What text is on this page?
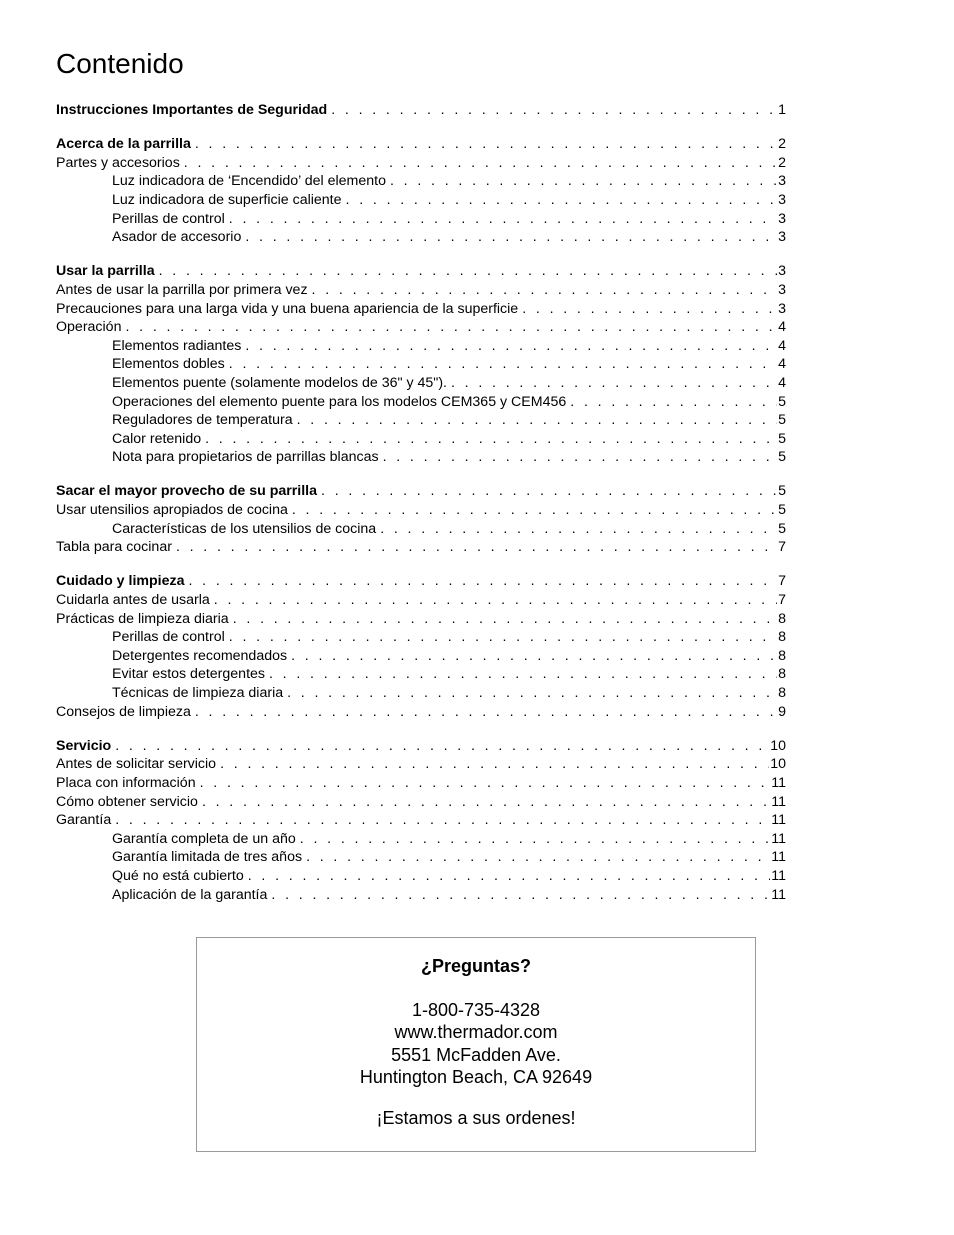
Contenido
Instrucciones Importantes de Seguridad . . .	1
Acerca de la parrilla . . .	2
Partes y accesorios . . .	2
Luz indicadora de ‘Encendido’ del elemento . . .	3
Luz indicadora de superficie caliente . . .	3
Perillas de control . . .	3
Asador de accesorio . . .	3
Usar la parrilla . . .	3
Antes de usar la parrilla por primera vez . . .	3
Precauciones para una larga vida y una buena apariencia de la superficie . . .	3
Operación . . .	4
Elementos radiantes . . .	4
Elementos dobles . . .	4
Elementos puente (solamente modelos de 36" y 45"). . . .	4
Operaciones del elemento puente para los modelos CEM365 y CEM456 . . .	5
Reguladores de temperatura . . .	5
Calor retenido . . .	5
Nota para propietarios de parrillas blancas . . .	5
Sacar el mayor provecho de su parrilla . . .	5
Usar utensilios apropiados de cocina . . .	5
Características de los utensilios de cocina . . .	5
Tabla para cocinar . . .	7
Cuidado y limpieza . . .	7
Cuidarla antes de usarla . . .	7
Prácticas de limpieza diaria . . .	8
Perillas de control . . .	8
Detergentes recomendados . . .	8
Evitar estos detergentes . . .	8
Técnicas de limpieza diaria . . .	8
Consejos de limpieza . . .	9
Servicio . . .	10
Antes de solicitar servicio . . .	10
Placa con información . . .	11
Cómo obtener servicio . . .	11
Garantía . . .	11
Garantía completa de un año . . .	11
Garantía limitada de tres años . . .	11
Qué no está cubierto . . .	11
Aplicación de la garantía . . .	11
¿Preguntas?
1-800-735-4328
www.thermador.com
5551 McFadden Ave.
Huntington Beach, CA 92649
¡Estamos a sus ordenes!
